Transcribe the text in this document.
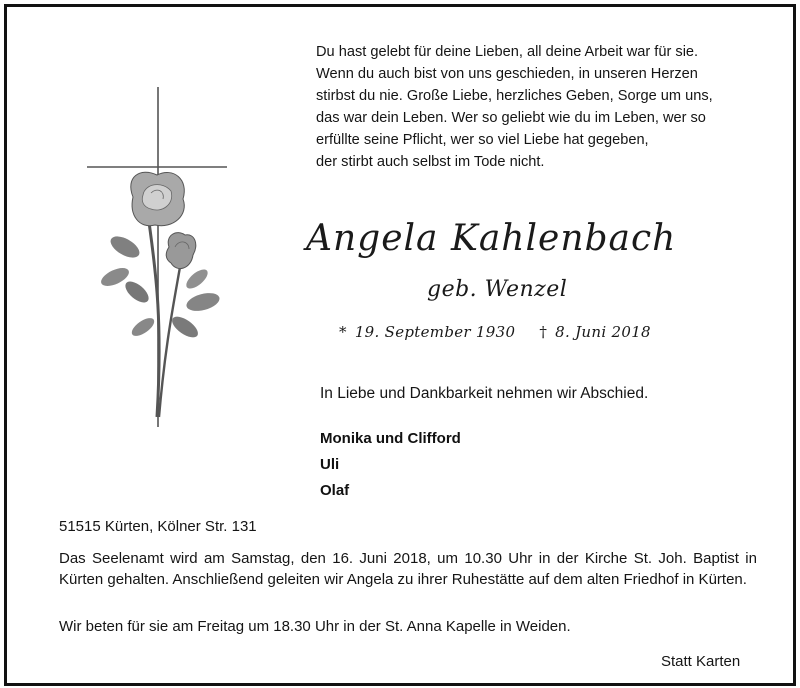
Du hast gelebt für deine Lieben, all deine Arbeit war für sie.
Wenn du auch bist von uns geschieden, in unseren Herzen
stirbst du nie. Große Liebe, herzliches Geben, Sorge um uns,
das war dein Leben. Wer so geliebt wie du im Leben, wer so
erfüllte seine Pflicht, wer so viel Liebe hat gegeben,
der stirbt auch selbst im Tode nicht.
Angela Kahlenbach
geb. Wenzel
* 19. September 1930 † 8. Juni 2018
In Liebe und Dankbarkeit nehmen wir Abschied.
Monika und Clifford
Uli
Olaf
51515 Kürten, Kölner Str. 131
Das Seelenamt wird am Samstag, den 16. Juni 2018, um 10.30 Uhr in der Kirche St. Joh. Baptist in Kürten gehalten. Anschließend geleiten wir Angela zu ihrer Ruhestätte auf dem alten Friedhof in Kürten.
Wir beten für sie am Freitag um 18.30 Uhr in der St. Anna Kapelle in Weiden.
Statt Karten
